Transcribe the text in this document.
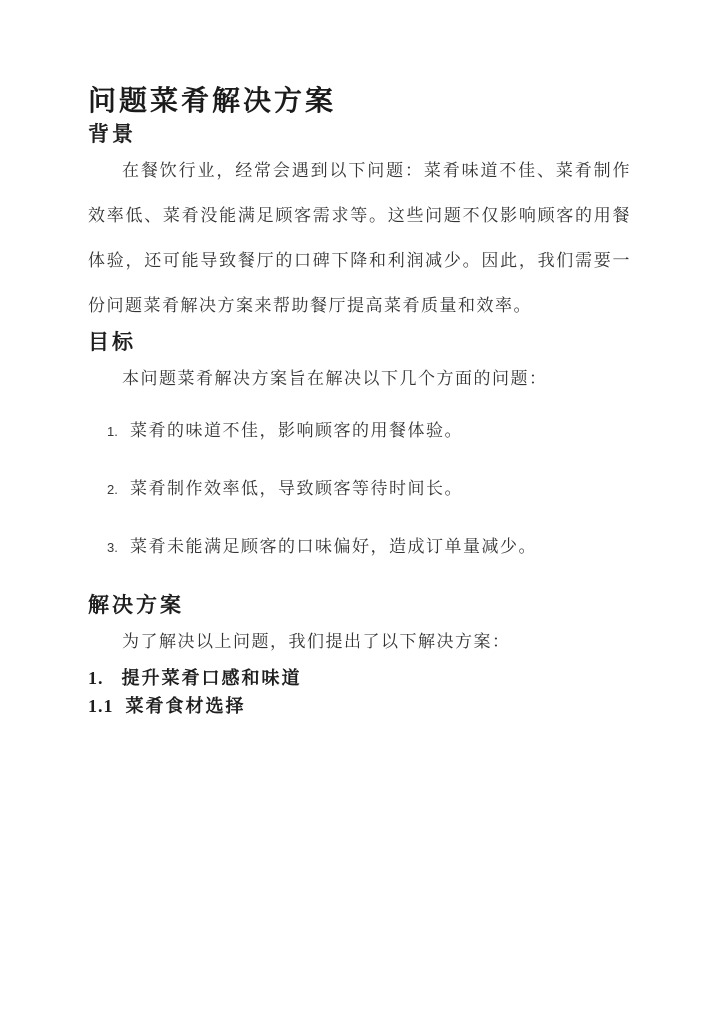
问题菜肴解决方案
背景

在餐饮行业，经常会遇到以下问题：菜肴味道不佳、菜肴制作效率低、菜肴没能满足顾客需求等。这些问题不仅影响顾客的用餐体验，还可能导致餐厅的口碑下降和利润减少。因此，我们需要一份问题菜肴解决方案来帮助餐厅提高菜肴质量和效率。

目标

本问题菜肴解决方案旨在解决以下几个方面的问题：

1. 菜肴的味道不佳，影响顾客的用餐体验。
2. 菜肴制作效率低，导致顾客等待时间长。
3. 菜肴未能满足顾客的口味偏好，造成订单量减少。
解决方案

为了解决以上问题，我们提出了以下解决方案：

1. 提升菜肴口感和味道
1.1 菜肴食材选择
